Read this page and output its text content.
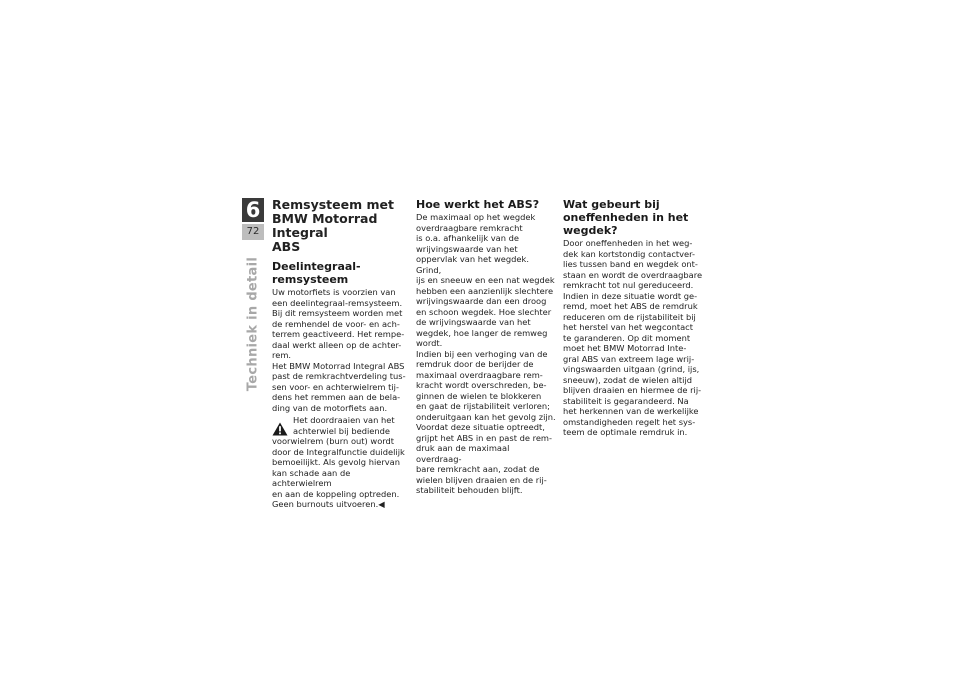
6
72
Techniek in detail
Remsysteem met
BMW Motorrad Integral
ABS
Deelintegraal-remsysteem

Uw motorfiets is voorzien van
een deelintegraal-remsysteem.
Bij dit remsysteem worden met
de remhendel de voor- en ach-
terrem geactiveerd. Het rempe-
daal werkt alleen op de achter-
rem.
Het BMW Motorrad Integral ABS
past de remkrachtverdeling tus-
sen voor- en achterwielrem tij-
dens het remmen aan de bela-
ding van de motorfiets aan.

Het doordraaien van het
achterwiel bij bediende

voorwielrem (burn out) wordt
door de Integralfunctie duidelijk
bemoeilijkt. Als gevolg hiervan
kan schade aan de achterwielrem
en aan de koppeling optreden.
Geen burnouts uitvoeren.◀

Hoe werkt het ABS?

De maximaal op het wegdek
overdraagbare remkracht
is o.a. afhankelijk van de
wrijvingswaarde van het
oppervlak van het wegdek. Grind,
ijs en sneeuw en een nat wegdek
hebben een aanzienlijk slechtere
wrijvingswaarde dan een droog
en schoon wegdek. Hoe slechter
de wrijvingswaarde van het
wegdek, hoe langer de remweg
wordt.
Indien bij een verhoging van de
remdruk door de berijder de
maximaal overdraagbare rem-
kracht wordt overschreden, be-
ginnen de wielen te blokkeren
en gaat de rijstabiliteit verloren;
onderuitgaan kan het gevolg zijn.
Voordat deze situatie optreedt,
grijpt het ABS in en past de rem-
druk aan de maximaal overdraag-
bare remkracht aan, zodat de
wielen blijven draaien en de rij-
stabiliteit behouden blijft.

Wat gebeurt bij
oneffenheden in het
wegdek?

Door oneffenheden in het weg-
dek kan kortstondig contactver-
lies tussen band en wegdek ont-
staan en wordt de overdraagbare
remkracht tot nul gereduceerd.
Indien in deze situatie wordt ge-
remd, moet het ABS de remdruk
reduceren om de rijstabiliteit bij
het herstel van het wegcontact
te garanderen. Op dit moment
moet het BMW Motorrad Inte-
gral ABS van extreem lage wrij-
vingswaarden uitgaan (grind, ijs,
sneeuw), zodat de wielen altijd
blijven draaien en hiermee de rij-
stabiliteit is gegarandeerd. Na
het herkennen van de werkelijke
omstandigheden regelt het sys-
teem de optimale remdruk in.
